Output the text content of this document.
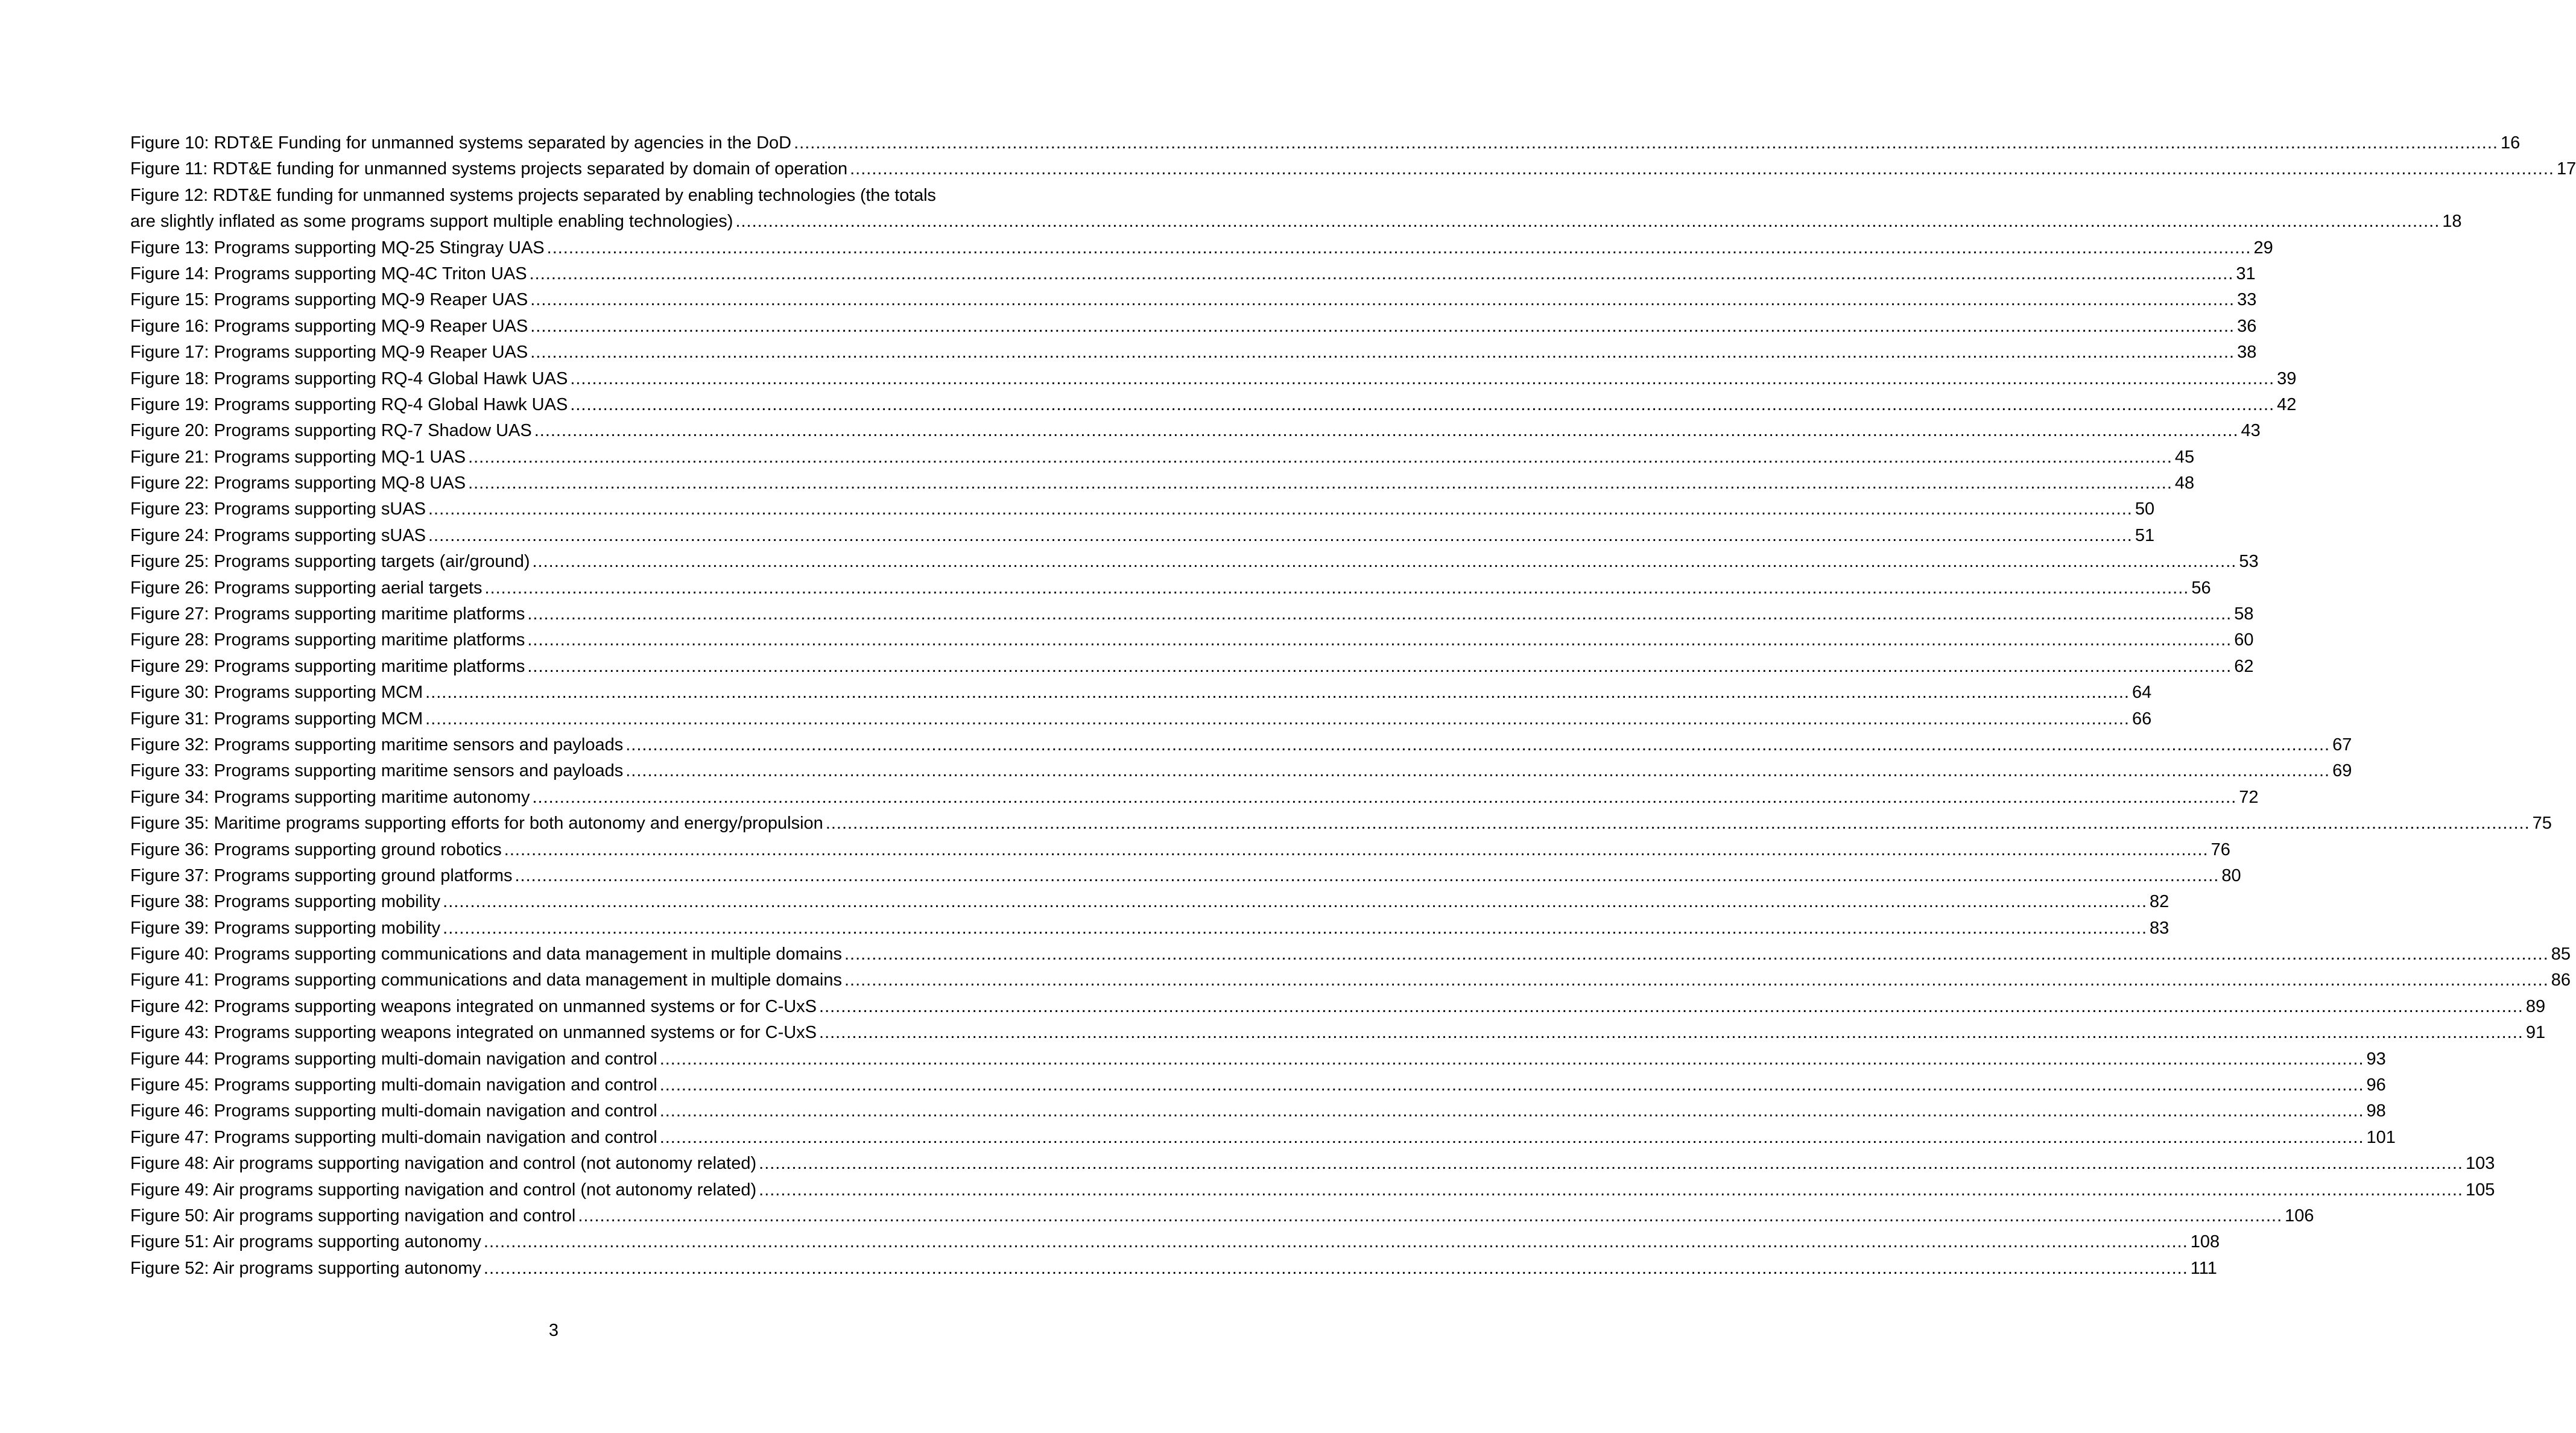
Figure 10: RDT&E Funding for unmanned systems separated by agencies in the DoD .....	16
Figure 11: RDT&E funding for unmanned systems projects separated by domain of operation .....	17
Figure 12: RDT&E funding for unmanned systems projects separated by enabling technologies (the totals
are slightly inflated as some programs support multiple enabling technologies) .....	18
Figure 13: Programs supporting MQ-25 Stingray UAS .....	29
Figure 14: Programs supporting MQ-4C Triton UAS .....	31
Figure 15: Programs supporting MQ-9 Reaper UAS .....	33
Figure 16: Programs supporting MQ-9 Reaper UAS .....	36
Figure 17: Programs supporting MQ-9 Reaper UAS .....	38
Figure 18: Programs supporting RQ-4 Global Hawk UAS .....	39
Figure 19: Programs supporting RQ-4 Global Hawk UAS .....	42
Figure 20: Programs supporting RQ-7 Shadow UAS .....	43
Figure 21: Programs supporting MQ-1 UAS .....	45
Figure 22: Programs supporting MQ-8 UAS .....	48
Figure 23: Programs supporting sUAS .....	50
Figure 24: Programs supporting sUAS .....	51
Figure 25: Programs supporting targets (air/ground) .....	53
Figure 26: Programs supporting aerial targets .....	56
Figure 27: Programs supporting maritime platforms .....	58
Figure 28: Programs supporting maritime platforms .....	60
Figure 29: Programs supporting maritime platforms .....	62
Figure 30: Programs supporting MCM .....	64
Figure 31: Programs supporting MCM .....	66
Figure 32: Programs supporting maritime sensors and payloads .....	67
Figure 33: Programs supporting maritime sensors and payloads .....	69
Figure 34: Programs supporting maritime autonomy .....	72
Figure 35: Maritime programs supporting efforts for both autonomy and energy/propulsion .....	75
Figure 36: Programs supporting ground robotics .....	76
Figure 37: Programs supporting ground platforms .....	80
Figure 38: Programs supporting mobility .....	82
Figure 39: Programs supporting mobility .....	83
Figure 40: Programs supporting communications and data management in multiple domains .....	85
Figure 41: Programs supporting communications and data management in multiple domains .....	86
Figure 42: Programs supporting weapons integrated on unmanned systems or for C-UxS .....	89
Figure 43: Programs supporting weapons integrated on unmanned systems or for C-UxS .....	91
Figure 44: Programs supporting multi-domain navigation and control .....	93
Figure 45: Programs supporting multi-domain navigation and control .....	96
Figure 46: Programs supporting multi-domain navigation and control .....	98
Figure 47: Programs supporting multi-domain navigation and control .....	101
Figure 48: Air programs supporting navigation and control (not autonomy related) .....	103
Figure 49: Air programs supporting navigation and control (not autonomy related) .....	105
Figure 50: Air programs supporting navigation and control .....	106
Figure 51: Air programs supporting autonomy .....	108
Figure 52: Air programs supporting autonomy .....	111
3
